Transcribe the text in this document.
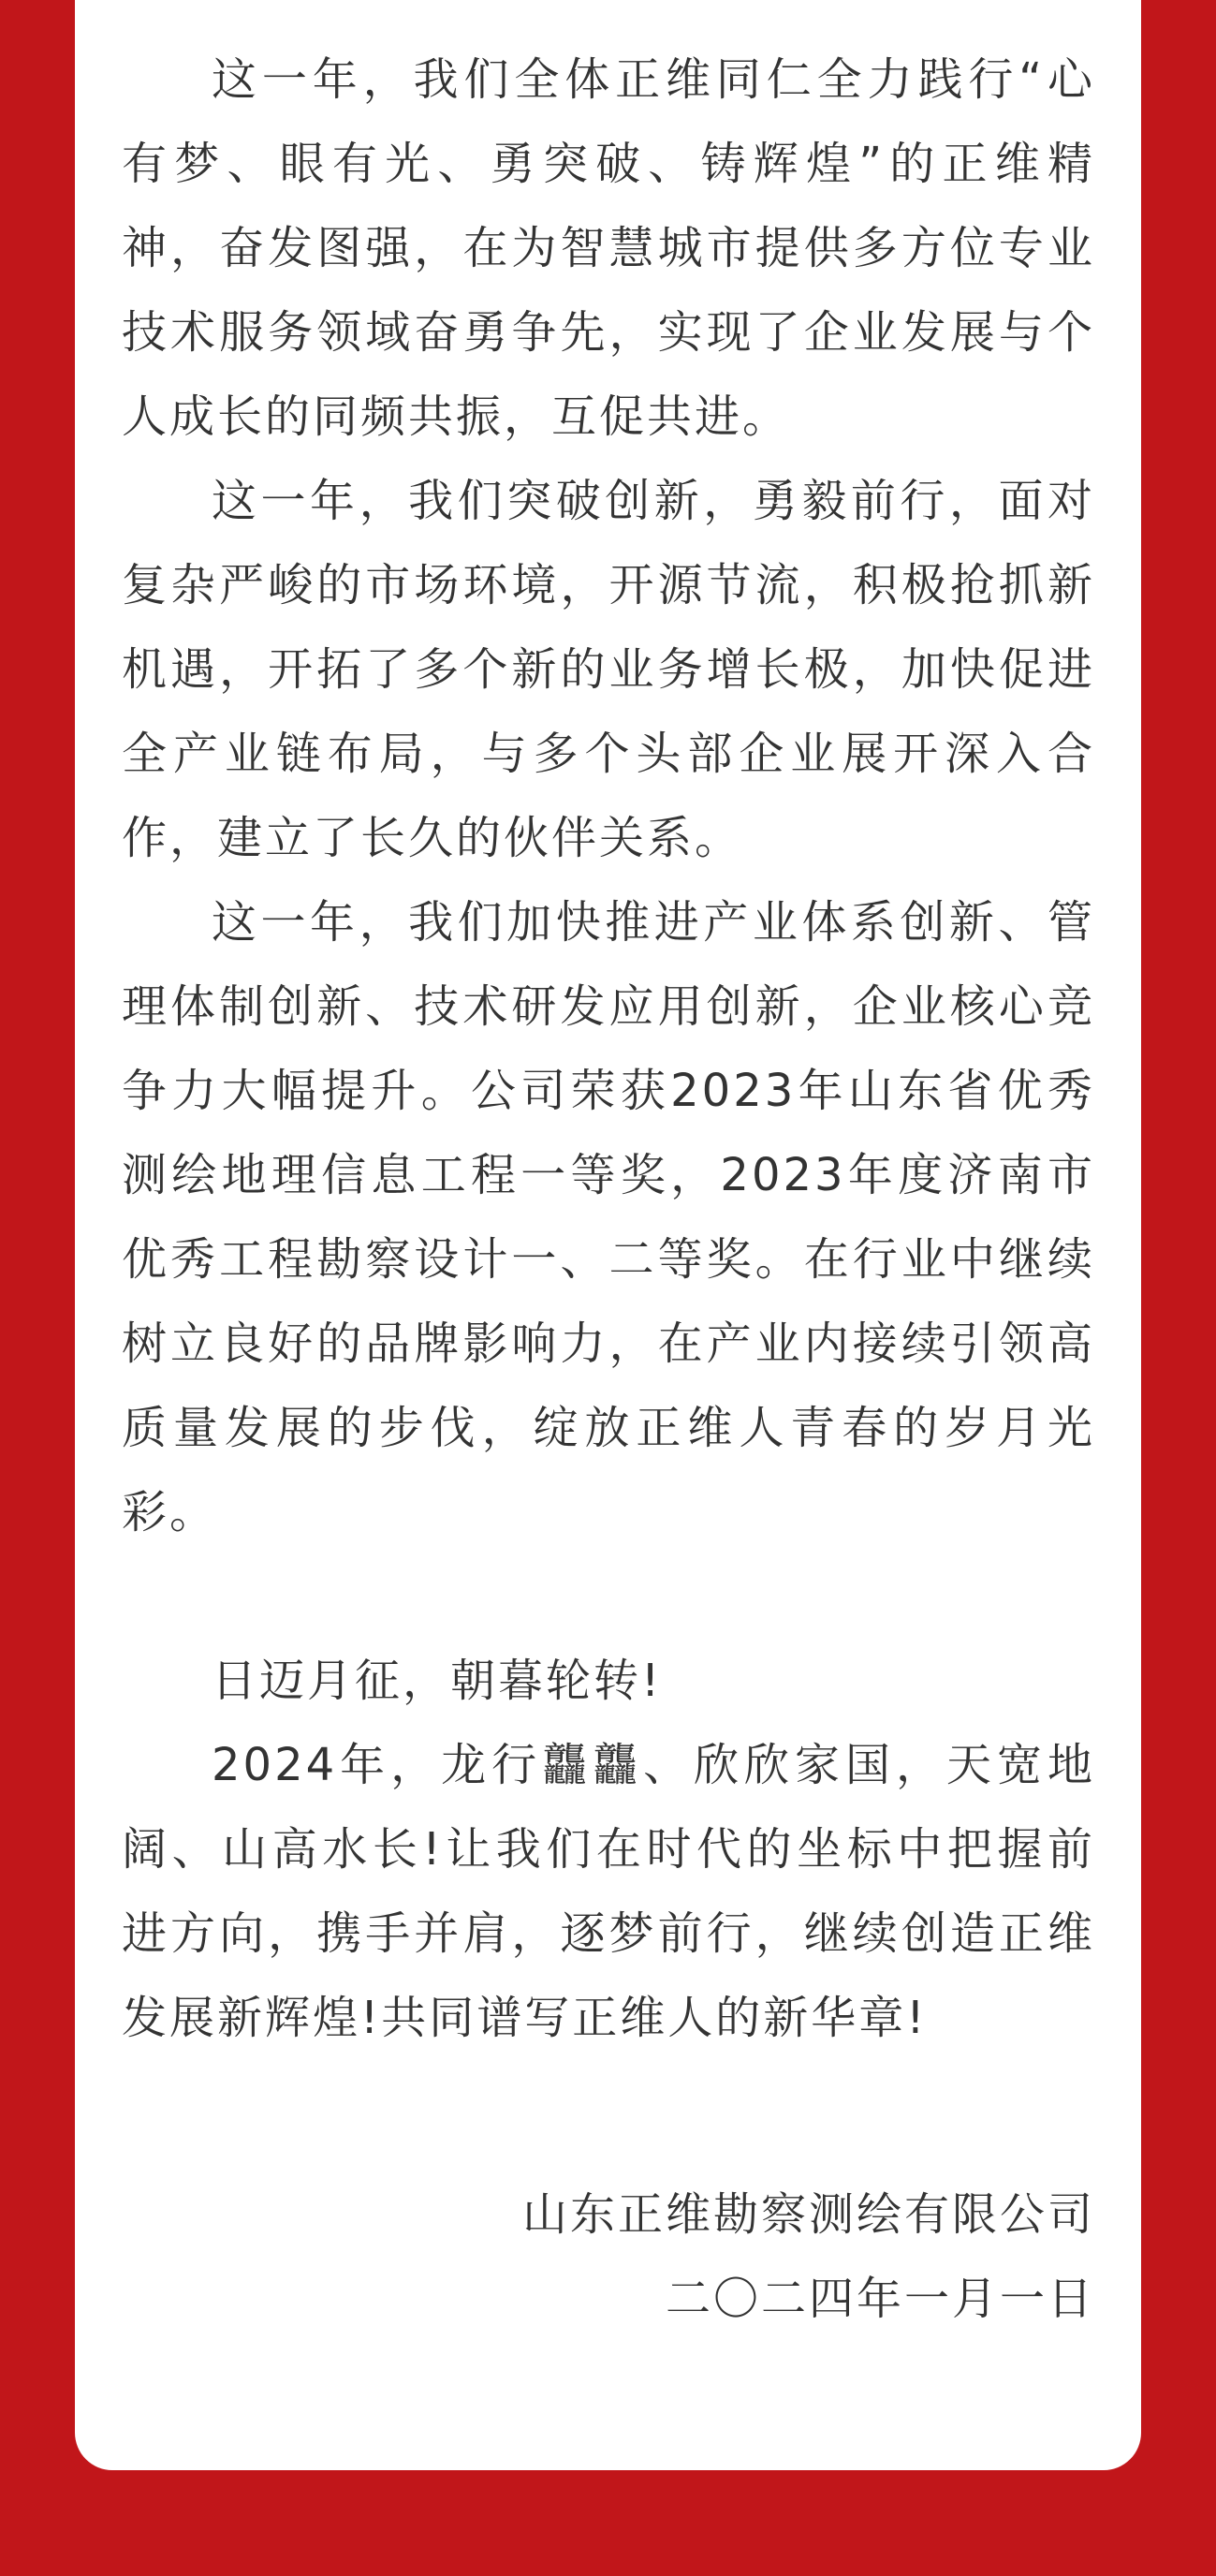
这一年，我们全体正维同仁全力践行“心有梦、眼有光、勇突破、铸辉煌”的正维精神，奋发图强，在为智慧城市提供多方位专业技术服务领域奋勇争先，实现了企业发展与个人成长的同频共振，互促共进。

这一年，我们突破创新，勇毅前行，面对复杂严峻的市场环境，开源节流，积极抢抓新机遇，开拓了多个新的业务增长极，加快促进全产业链布局，与多个头部企业展开深入合作，建立了长久的伙伴关系。

这一年，我们加快推进产业体系创新、管理体制创新、技术研发应用创新，企业核心竞争力大幅提升。公司荣获2023年山东省优秀测绘地理信息工程一等奖，2023年度济南市优秀工程勘察设计一、二等奖。在行业中继续树立良好的品牌影响力，在产业内接续引领高质量发展的步伐，绽放正维人青春的岁月光彩。

日迈月征，朝暮轮转!

2024年，龙行龘龘、欣欣家国，天宽地阔、山高水长!让我们在时代的坐标中把握前进方向，携手并肩，逐梦前行，继续创造正维发展新辉煌!共同谱写正维人的新华章!

山东正维勘察测绘有限公司

二〇二四年一月一日
